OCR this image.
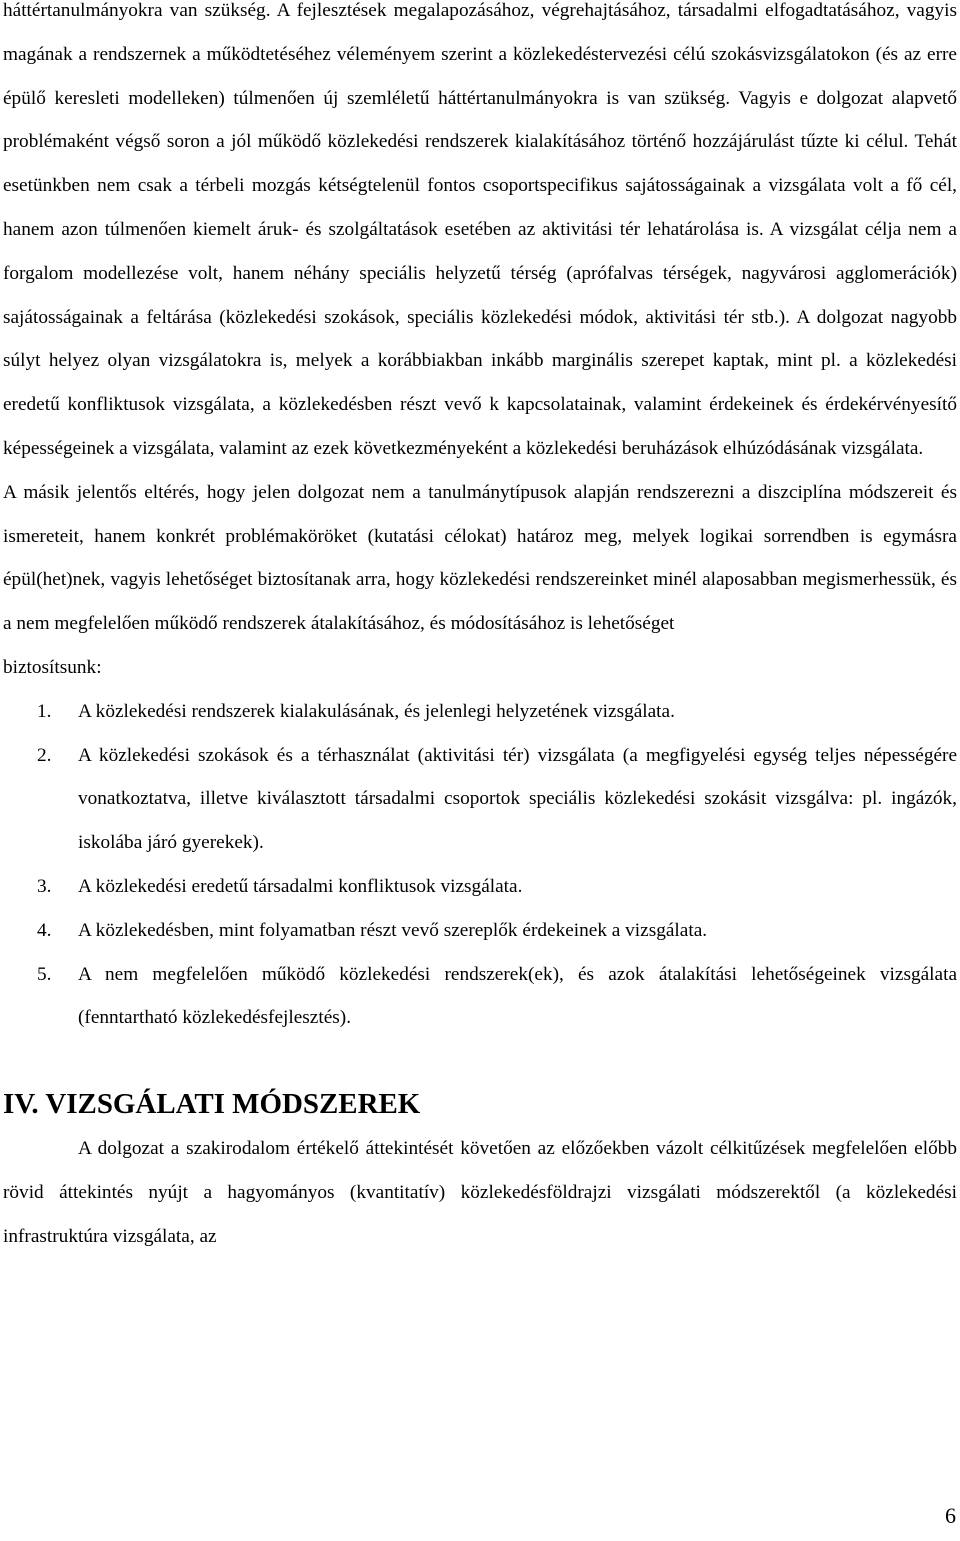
háttértanulmányokra van szükség. A fejlesztések megalapozásához, végrehajtásához, társadalmi elfogadtatásához, vagyis magának a rendszernek a működtetéséhez véleményem szerint a közlekedéstervezési célú szokásvizsgálatokon (és az erre épülő keresleti modelleken) túlmenően új szemléletű háttértanulmányokra is van szükség. Vagyis e dolgozat alapvető problémaként végső soron a jól működő közlekedési rendszerek kialakításához történő hozzájárulást tűzte ki célul. Tehát esetünkben nem csak a térbeli mozgás kétségtelenül fontos csoportspecifikus sajátosságainak a vizsgálata volt a fő cél, hanem azon túlmenően kiemelt áruk- és szolgáltatások esetében az aktivitási tér lehatárolása is. A vizsgálat célja nem a forgalom modellezése volt, hanem néhány speciális helyzetű térség (aprófalvas térségek, nagyvárosi agglomerációk) sajátosságainak a feltárása (közlekedési szokások, speciális közlekedési módok, aktivitási tér stb.). A dolgozat nagyobb súlyt helyez olyan vizsgálatokra is, melyek a korábbiakban inkább marginális szerepet kaptak, mint pl. a közlekedési eredetű konfliktusok vizsgálata, a közlekedésben részt vevő k kapcsolatainak, valamint érdekeinek és érdekérvényesítő képességeinek a vizsgálata, valamint az ezek következményeként a közlekedési beruházások elhúzódásának vizsgálata.

A másik jelentős eltérés, hogy jelen dolgozat nem a tanulmánytípusok alapján rendszerezni a diszciplína módszereit és ismereteit, hanem konkrét problémaköröket (kutatási célokat) határoz meg, melyek logikai sorrendben is egymásra épül(het)nek, vagyis lehetőséget biztosítanak arra, hogy közlekedési rendszereinket minél alaposabban megismerhessük, és a nem megfelelően működő rendszerek átalakításához, és módosításához is lehetőséget

biztosítsunk:

1. A közlekedési rendszerek kialakulásának, és jelenlegi helyzetének vizsgálata.
2. A közlekedési szokások és a térhasználat (aktivitási tér) vizsgálata (a megfigyelési egység teljes népességére vonatkoztatva, illetve kiválasztott társadalmi csoportok speciális közlekedési szokásit vizsgálva: pl. ingázók, iskolába járó gyerekek).
3. A közlekedési eredetű társadalmi konfliktusok vizsgálata.
4. A közlekedésben, mint folyamatban részt vevő szereplők érdekeinek a vizsgálata.
5. A nem megfelelően működő közlekedési rendszerek(ek), és azok átalakítási lehetőségeinek vizsgálata (fenntartható közlekedésfejlesztés).
IV. VIZSGÁLATI MÓDSZEREK

A dolgozat a szakirodalom értékelő áttekintését követően az előzőekben vázolt célkitűzések megfelelően előbb rövid áttekintés nyújt a hagyományos (kvantitatív) közlekedésföldrajzi vizsgálati módszerektől (a közlekedési infrastruktúra vizsgálata, az

6
